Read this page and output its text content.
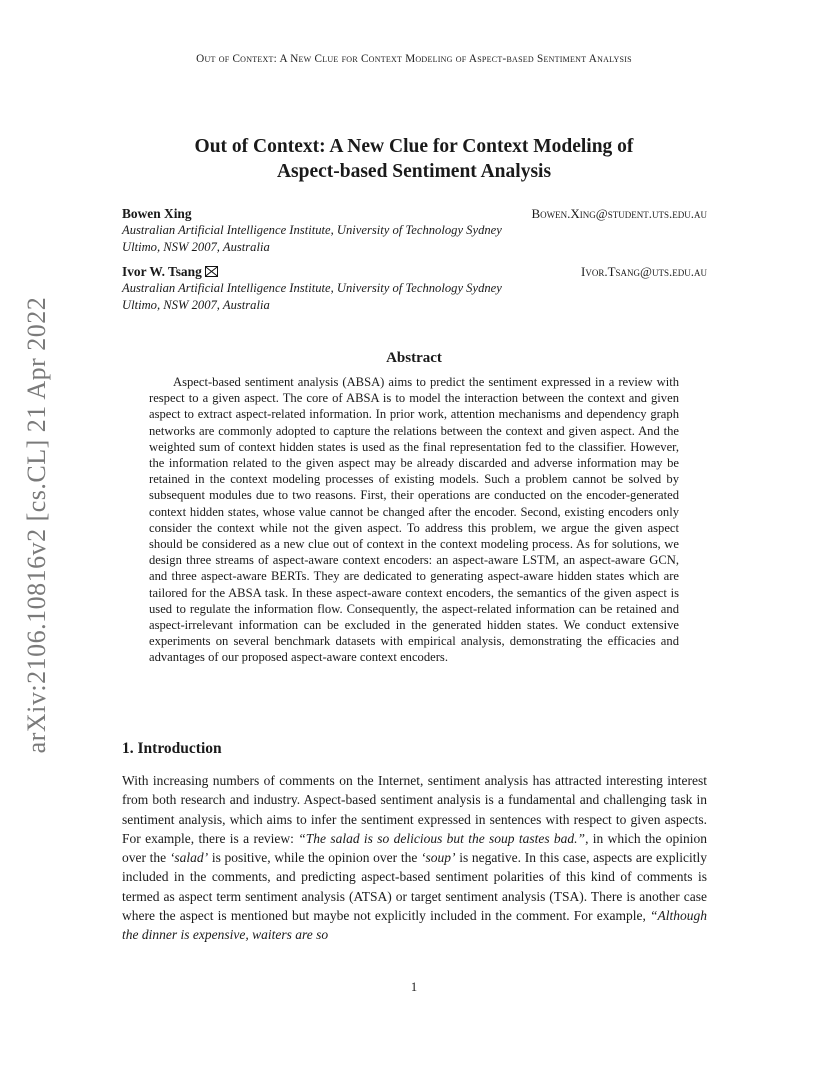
Out of Context: A New Clue for Context Modeling of Aspect-based Sentiment Analysis
Out of Context: A New Clue for Context Modeling of
Aspect-based Sentiment Analysis
Bowen Xing	Bowen.Xing@student.uts.edu.au
Australian Artificial Intelligence Institute, University of Technology Sydney
Ultimo, NSW 2007, Australia
Ivor W. Tsang	Ivor.Tsang@uts.edu.au
Australian Artificial Intelligence Institute, University of Technology Sydney
Ultimo, NSW 2007, Australia
Abstract
Aspect-based sentiment analysis (ABSA) aims to predict the sentiment expressed in a review with respect to a given aspect. The core of ABSA is to model the interaction between the context and given aspect to extract aspect-related information. In prior work, attention mechanisms and dependency graph networks are commonly adopted to capture the relations between the context and given aspect. And the weighted sum of context hidden states is used as the final representation fed to the classifier. However, the information related to the given aspect may be already discarded and adverse information may be retained in the context modeling processes of existing models. Such a problem cannot be solved by subsequent modules due to two reasons. First, their operations are conducted on the encoder-generated context hidden states, whose value cannot be changed after the encoder. Second, existing encoders only consider the context while not the given aspect. To address this problem, we argue the given aspect should be considered as a new clue out of context in the context modeling process. As for solutions, we design three streams of aspect-aware context encoders: an aspect-aware LSTM, an aspect-aware GCN, and three aspect-aware BERTs. They are dedicated to generating aspect-aware hidden states which are tailored for the ABSA task. In these aspect-aware context encoders, the semantics of the given aspect is used to regulate the information flow. Consequently, the aspect-related information can be retained and aspect-irrelevant information can be excluded in the generated hidden states. We conduct extensive experiments on several benchmark datasets with empirical analysis, demonstrating the efficacies and advantages of our proposed aspect-aware context encoders.
1. Introduction
With increasing numbers of comments on the Internet, sentiment analysis has attracted interesting interest from both research and industry. Aspect-based sentiment analysis is a fundamental and challenging task in sentiment analysis, which aims to infer the sentiment expressed in sentences with respect to given aspects. For example, there is a review: “The salad is so delicious but the soup tastes bad.”, in which the opinion over the ‘salad’ is positive, while the opinion over the ‘soup’ is negative. In this case, aspects are explicitly included in the comments, and predicting aspect-based sentiment polarities of this kind of comments is termed as aspect term sentiment analysis (ATSA) or target sentiment analysis (TSA). There is another case where the aspect is mentioned but maybe not explicitly included in the comment. For example, “Although the dinner is expensive, waiters are so
1
arXiv:2106.10816v2 [cs.CL] 21 Apr 2022
